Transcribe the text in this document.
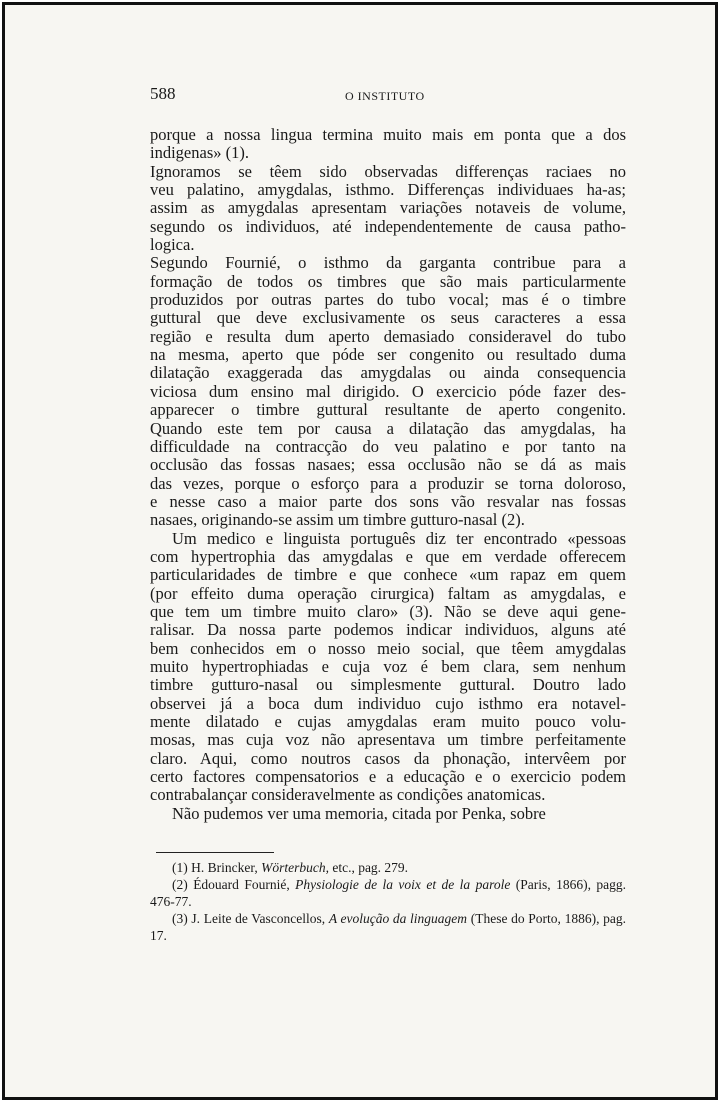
588	O INSTITUTO
porque a nossa lingua termina muito mais em ponta que a dos
indigenas» (1).
Ignoramos se têem sido observadas differenças raciaes no
veu palatino, amygdalas, isthmo. Differenças individuaes ha-as;
assim as amygdalas apresentam variações notaveis de volume,
segundo os individuos, até independentemente de causa patho-
logica.
Segundo Fournié, o isthmo da garganta contribue para a
formação de todos os timbres que são mais particularmente
produzidos por outras partes do tubo vocal; mas é o timbre
guttural que deve exclusivamente os seus caracteres a essa
região e resulta dum aperto demasiado consideravel do tubo
na mesma, aperto que póde ser congenito ou resultado duma
dilatação exaggerada das amygdalas ou ainda consequencia
viciosa dum ensino mal dirigido. O exercicio póde fazer des-
apparecer o timbre guttural resultante de aperto congenito.
Quando este tem por causa a dilatação das amygdalas, ha
difficuldade na contracção do veu palatino e por tanto na
occlusão das fossas nasaes; essa occlusão não se dá as mais
das vezes, porque o esforço para a produzir se torna doloroso,
e nesse caso a maior parte dos sons vão resvalar nas fossas
nasaes, originando-se assim um timbre gutturo-nasal (2).
Um medico e linguista português diz ter encontrado «pessoas
com hypertrophia das amygdalas e que em verdade offerecem
particularidades de timbre e que conhece «um rapaz em quem
(por effeito duma operação cirurgica) faltam as amygdalas, e
que tem um timbre muito claro» (3). Não se deve aqui gene-
ralisar. Da nossa parte podemos indicar individuos, alguns até
bem conhecidos em o nosso meio social, que têem amygdalas
muito hypertrophiadas e cuja voz é bem clara, sem nenhum
timbre gutturo-nasal ou simplesmente guttural. Doutro lado
observei já a boca dum individuo cujo isthmo era notavel-
mente dilatado e cujas amygdalas eram muito pouco volu-
mosas, mas cuja voz não apresentava um timbre perfeitamente
claro. Aqui, como noutros casos da phonação, intervêem por
certo factores compensatorios e a educação e o exercicio podem
contrabalançar consideravelmente as condições anatomicas.
Não pudemos ver uma memoria, citada por Penka, sobre

(1) H. Brincker, Wörterbuch, etc., pag. 279.

(2) Édouard Fournié, Physiologie de la voix et de la parole (Paris, 1866), pagg. 476-77.

(3) J. Leite de Vasconcellos, A evolução da linguagem (These do Porto, 1886), pag. 17.
